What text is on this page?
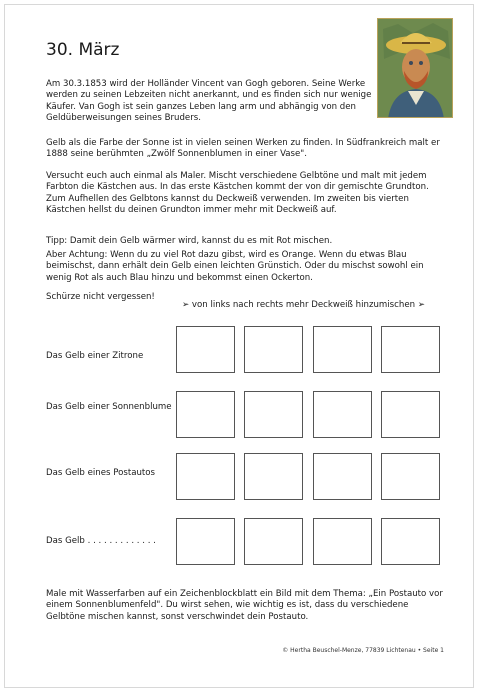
30. März
Am 30.3.1853 wird der Holländer Vincent van Gogh geboren. Seine Werke werden zu seinen Lebzeiten nicht anerkannt, und es finden sich nur wenige Käufer. Van Gogh ist sein ganzes Leben lang arm und abhängig von den Geldüberweisungen seines Bruders.
Gelb als die Farbe der Sonne ist in vielen seinen Werken zu finden. In Südfrankreich malt er 1888 seine berühmten „Zwölf Sonnenblumen in einer Vase".
Versucht euch auch einmal als Maler. Mischt verschiedene Gelbtöne und malt mit jedem Farbton die Kästchen aus. In das erste Kästchen kommt der von dir gemischte Grundton. Zum Aufhellen des Gelbtons kannst du Deckweiß verwenden. Im zweiten bis vierten Kästchen hellst du deinen Grundton immer mehr mit Deckweiß auf.
Tipp: Damit dein Gelb wärmer wird, kannst du es mit Rot mischen.
Aber Achtung: Wenn du zu viel Rot dazu gibst, wird es Orange. Wenn du etwas Blau beimischst, dann erhält dein Gelb einen leichten Grünstich. Oder du mischst sowohl ein wenig Rot als auch Blau hinzu und bekommst einen Ockerton.
Schürze nicht vergessen!
➢ von links nach rechts mehr Deckweiß hinzumischen ➢
Das Gelb einer Zitrone
Das Gelb einer Sonnenblume
Das Gelb eines Postautos
Das Gelb . . . . . . . . . . . . .
Male mit Wasserfarben auf ein Zeichenblockblatt ein Bild mit dem Thema: „Ein Postauto vor einem Sonnenblumenfeld". Du wirst sehen, wie wichtig es ist, dass du verschiedene Gelbtöne mischen kannst, sonst verschwindet dein Postauto.
© Hertha Beuschel-Menze, 77839 Lichtenau • Seite 1
